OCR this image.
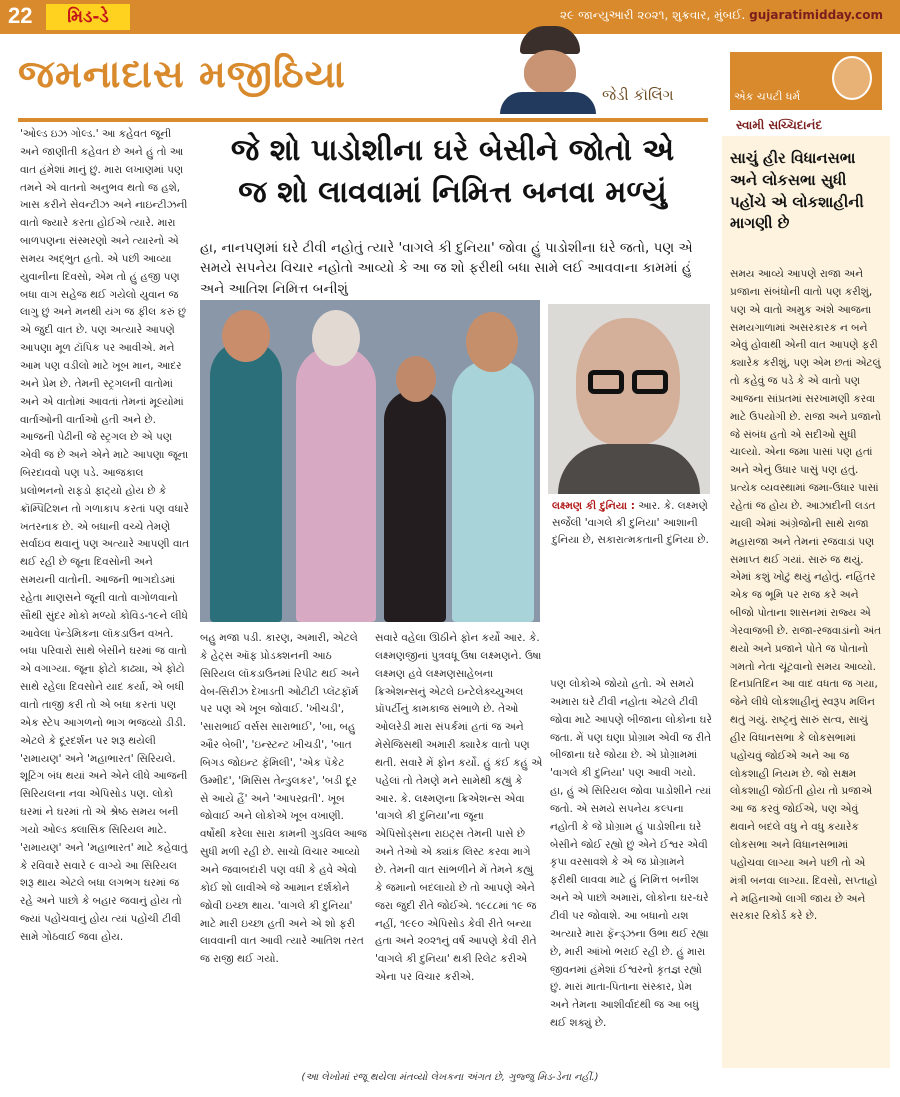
22	મિડ-ડે	૨૯ જાન્યુઆરી ૨૦૨૧, શુક્રવાર, મુંબઈ. gujaratimidday.com
જમનાદાસ મજીઠિયા	જેડી કૉલિંગ	એક ચપટી ધર્મ
સ્વામી સચ્ચિદાનંદ
સાચું હીર વિધાનસભા અને લોકસભા સુધી પહોંચે એ લોકશાહીની માગણી છે
સમય આવ્યે આપણે રાજા અને પ્રજાના સંબંધોની વાતો પણ કરીશું, પણ એ વાતો અમુક અંશે આજના સમયગાળામાં અસરકારક ન બને એવું હોવાથી એની વાત આપણે ફરી ક્યારેક કરીશું, પણ એમ છતાં એટલું તો કહેવું જ પડે કે એ વાતો પણ આજના સાંપ્રતમાં સરખામણી કરવા માટે ઉપયોગી છે. રાજા અને પ્રજાનો જે સંબંધ હતો એ સદીઓ સુધી ચાલ્યો. એના જમા પાસાં પણ હતાં અને એનું ઉધાર પાસું પણ હતું. પ્રત્યેક વ્યવસ્થામાં જમા-ઉધાર પાસાં રહેતાં જ હોય છે. આઝાદીની લડત ચાલી એમાં અંગ્રેજોની સાથે રાજા મહારાજા અને તેમનાં રજવાડાં પણ સમાપ્ત થઈ ગયાં. સારું જ થયું. એમાં કશું ખોટું થયું નહોતું. નહિંતર એક જ ભૂમિ પર રાજ કરે અને બીજો પોતાના શાસનમાં રાજ્ય એ ગેરવાજબી છે. રાજા-રજવાડાંનો અંત થયો અને પ્રજાને પોતે જ પોતાનો ગમતો નેતા ચૂંટવાનો સમય આવ્યો. દિનપ્રતિદિન આ વાદ વધતા જ ગયા, જેને લીધે લોકશાહીનું સ્વરૂપ મલિન થતું ગયું. રાષ્ટ્રનું સારું સત્વ, સાચું હીર વિધાનસભા કે લોકસભામાં પહોંચવું જોઈએ અને આ જ લોકશાહી નિયમ છે. જો સક્ષમ લોકશાહી જોઈતી હોય તો પ્રજાએ આ જ કરવું જોઈએ, પણ એવું થવાને બદલે વધુ ને વધુ કયારેક લોકસભા અને વિધાનસભામાં પહોંચવા લાગ્યા અને પછી તો એ મંત્રી બનવા લાગ્યા. દિવસો, સપ્તાહો ને મહિનાઓ લાગી જાય છે અને સરકાર રિકોર્ડ કરે છે.
જે શો પાડોશીના ઘરે બેસીને જોતો એ
જ શો લાવવામાં નિમિત્ત બનવા મળ્યું
હા, નાનપણમાં ઘરે ટીવી નહોતું ત્યારે 'વાગલે કી દુનિયા' જોવા હું પાડોશીના ઘરે જતો, પણ એ સમયે સપનેય વિચાર નહોતો આવ્યો કે આ જ શો ફરીથી બધા સામે લઈ આવવાના કામમાં હું અને આતિશ નિમિત્ત બનીશું
'ઓલ્ડ ઇઝ ગોલ્ડ.' આ કહેવત જૂની અને જાણીતી કહેવત છે અને હું તો આ વાત હંમેશાં માનું છું. મારા લખાણમાં પણ તમને એ વાતનો અનુભવ થતો જ હશે, ખાસ કરીને સેવન્ટીઝ અને નાઇન્ટીઝની વાતો જ્યારે કરતા હોઈએ ત્યારે. મારા બાળપણના સંસ્મરણો અને ત્યારનો એ સમય અદ્ભુત હતો. એ પછી આવ્યા યુવાનીના દિવસો, એમ તો હું હજી પણ બધા વાગ સહેજ થઈ ગયેલો યુવાન જ લાગુ છું અને મનથી યંગ જ ફીલ કરું છું એ જુદી વાત છે. પણ અત્યારે આપણે આપણા મૂળ ટૉપિક પર આવીએ. મને આમ પણ વડીલો માટે ખૂબ માન, આદર અને પ્રેમ છે. તેમની સ્ટ્રગલની વાતોમાં અને એ વાતોમાં આવતાં તેમનાં મૂલ્યોમાં વાર્તાઓની વાર્તાઓ હતી અને છે. આજની પેઢીની જે સ્ટ્રગલ છે એ પણ એવી જ છે અને એને માટે આપણા જૂના બિરદાવવો પણ પડે. આજકાલ પ્રલોભનનો રાફડો ફાટ્યો હોય છે કે ક્રૉમ્પિટિશન તો ગળાકાપ કરતાં પણ વધારે ખતરનાક છે. એ બધાની વચ્ચે તેમણે સર્વાઇવ થવાનું પણ અત્યારે આપણી વાત થઈ રહી છે જૂના દિવસોની અને સમયની વાતોની. આજની ભાગદોડમાં રહેતા માણસને જૂની વાતો વાગોળવાનો સૌથી સુંદર મોકો મળ્યો કોવિડ-૧૯ને લીધે આવેલા પૅન્ડેમિકના લૉકડાઉન વખતે. બધા પરિવારો સાથે બેસીને ઘરમાં જ વાતો એ વગાગ્યા. જૂના ફોટો કાઢ્યા, એ ફોટો સાથે રહેલા દિવસોને યાદ કર્યા, એ બધી વાતો તાજી કરી તો એ બધા કરતાં પણ એક સ્ટેપ આગળનો ભાગ ભજવ્યો ડીડી. એટલે કે દૂરદર્શન પર શરૂ થયેલી 'રામાયણ' અને 'મહાભારત' સિરિયલે. શૂટિંગ બંધ થયાં અને એને લીધે આજની સિરિયલના નવા એપિસોડ પણ. લોકો ઘરમાં ને ઘરમાં તો એ શ્રેષ્ઠ સમય બની ગયો ઓલ્ડ ક્લાસિક સિરિયલ માટે. 'રામાયણ' અને 'મહાભારત' માટે કહેવાતું કે રવિવારે સવારે ૯ વાગ્યે આ સિરિયલ શરૂ થાય એટલે બધા લગભગ ઘરમાં જ રહે અને પાછો કે બહાર જવાનું હોય તો જ્યાં પહોંચવાનું હોય ત્યાં પહોંચી ટીવી સામે ગોઠવાઈ જવા હોય.
લક્ષ્મણ કી દુનિયા : આર. કે. લક્ષ્મણે સર્જેલી 'વાગલે કી દુનિયા' આશાની દુનિયા છે, સકારાત્મકતાની દુનિયા છે.
બહુ મજા પડી. કારણ, અમારી, એટલે કે હેટ્સ ઑફ પ્રોડક્શનની આઠ સિરિયલ લૉકડાઉનમાં રિપીટ થઈ અને વેબ-સિરીઝ દેખાડતી ઓટીટી પ્લૅટફૉર્મ પર પણ એ ખૂબ જોવાઈ. 'ખીચડી', 'સારાભાઈ વર્સસ સારાભાઈ', 'બા, બહુ ઔર બેબી', 'ઇન્સ્ટન્ટ ખીચડી', 'બાત બિગડ જોઇન્ટ ફૅમિલી', 'એક પૅકેટ ઉમ્મીદ', 'મિસિસ તેન્ડુલકર', 'બડી દૂર સે આયે હૈં' અને 'આપરવ્રતી'. ખૂબ જોવાઈ અને લોકોએ ખૂબ વખાણી. વર્ષોથી કરેલા સારા કામની ગુડવિલ આજ સુધી મળી રહી છે. સાચો વિચાર આવ્યો અને જવાબદારી પણ વધી કે હવે એવો કોઈ શો લાવીએ જે આમાન દર્શકોને જોવી ઇચ્છા થાય. 'વાગલે કી દુનિયા' માટે મારી ઇચ્છા હતી અને એ શો ફરી લાવવાની વાત આવી ત્યારે આતિશ તરત જ રાજી થઈ ગયો.
સવારે વહેલા ઊઠીને ફોન કર્યો આર. કે. લક્ષ્મણજીનાં પુત્રવધૂ ઉષા લક્ષ્મણને. ઉષા લક્ષ્મણ હવે લક્ષ્મણસાહેબના ક્રિએશન્સનું એટલે ઇન્ટેલેક્ચ્યુઅલ પ્રૉપર્ટીનું કામકાજ સંભાળે છે. તેઓ ઓલરેડી મારા સંપર્કમાં હતાં જ અને મેસેજિસથી અમારી ક્યારેક વાતો પણ થતી. સવારે મેં ફોન કર્યો. હું કંઈ કહું એ પહેલાં તો તેમણે મને સામેથી કહ્યું કે આર. કે. લક્ષ્મણના ક્રિએશન્સ એવા 'વાગલે કી દુનિયા'ના જૂના એપિસોડ્સના રાઇટ્સ તેમની પાસે છે અને તેઓ એ ક્યાંક લિસ્ટ કરવા માગે છે. તેમની વાત સાંભળીને મેં તેમને કહ્યું કે જમાનો બદલાયો છે તો આપણે એને જરા જુદી રીતે જોઈએ. ૧૯૮૮માં ૧૯ જ નહીં, ૧૯૯૦ એપિસોડ કેવી રીતે બન્યા હતા અને ૨૦૨૧નું વર્ષ આપણે કેવી રીતે 'વાગલે કી દુનિયા' થકી રિલેટ કરીએ એના પર વિચાર કરીએ.
પણ લોકોએ જોયો હતો. એ સમયે અમારા ઘરે ટીવી નહોતા એટલે ટીવી જોવા માટે આપણે બીજાના લોકોના ઘરે જતા. મેં પણ ઘણા પ્રોગ્રામ એવી જ રીતે બીજાના ઘરે જોયા છે. એ પ્રોગ્રામમાં 'વાગલે કી દુનિયા' પણ આવી ગયો. હા, હું એ સિરિયલ જોવા પાડોશીને ત્યાં જતો. એ સમયે સપનેય કલ્પના નહોતી કે જે પ્રોગ્રામ હું પાડોશીના ઘરે બેસીને જોઈ રહ્યો છું એને ઈશ્વર એવી કૃપા વરસાવશે કે એ જ પ્રોગ્રામને ફરીથી લાવવા માટે હું નિમિત્ત બનીશ અને એ પાછો અમારાં, લોકોના ઘર-ઘરે ટીવી પર જોવાશે. આ બધાનો યશ અત્યારે મારા ફૅન્ડ્ઝના ઉભા થઈ રહ્યા છે, મારી આંખો ભરાઈ રહી છે. હું મારા જીવનમાં હંમેશાં ઈશ્વરનો કૃતજ્ઞ રહ્યો છું. મારાં માતા-પિતાના સંસ્કાર, પ્રેમ અને તેમના આશીર્વાદથી જ આ બધું થઈ શક્યું છે.
(આ લેખોમાં રજૂ થયેલા મંતવ્યો લેખકના અંગત છે, ગુજ્જુ મિડ-ડેના નહીં.)
